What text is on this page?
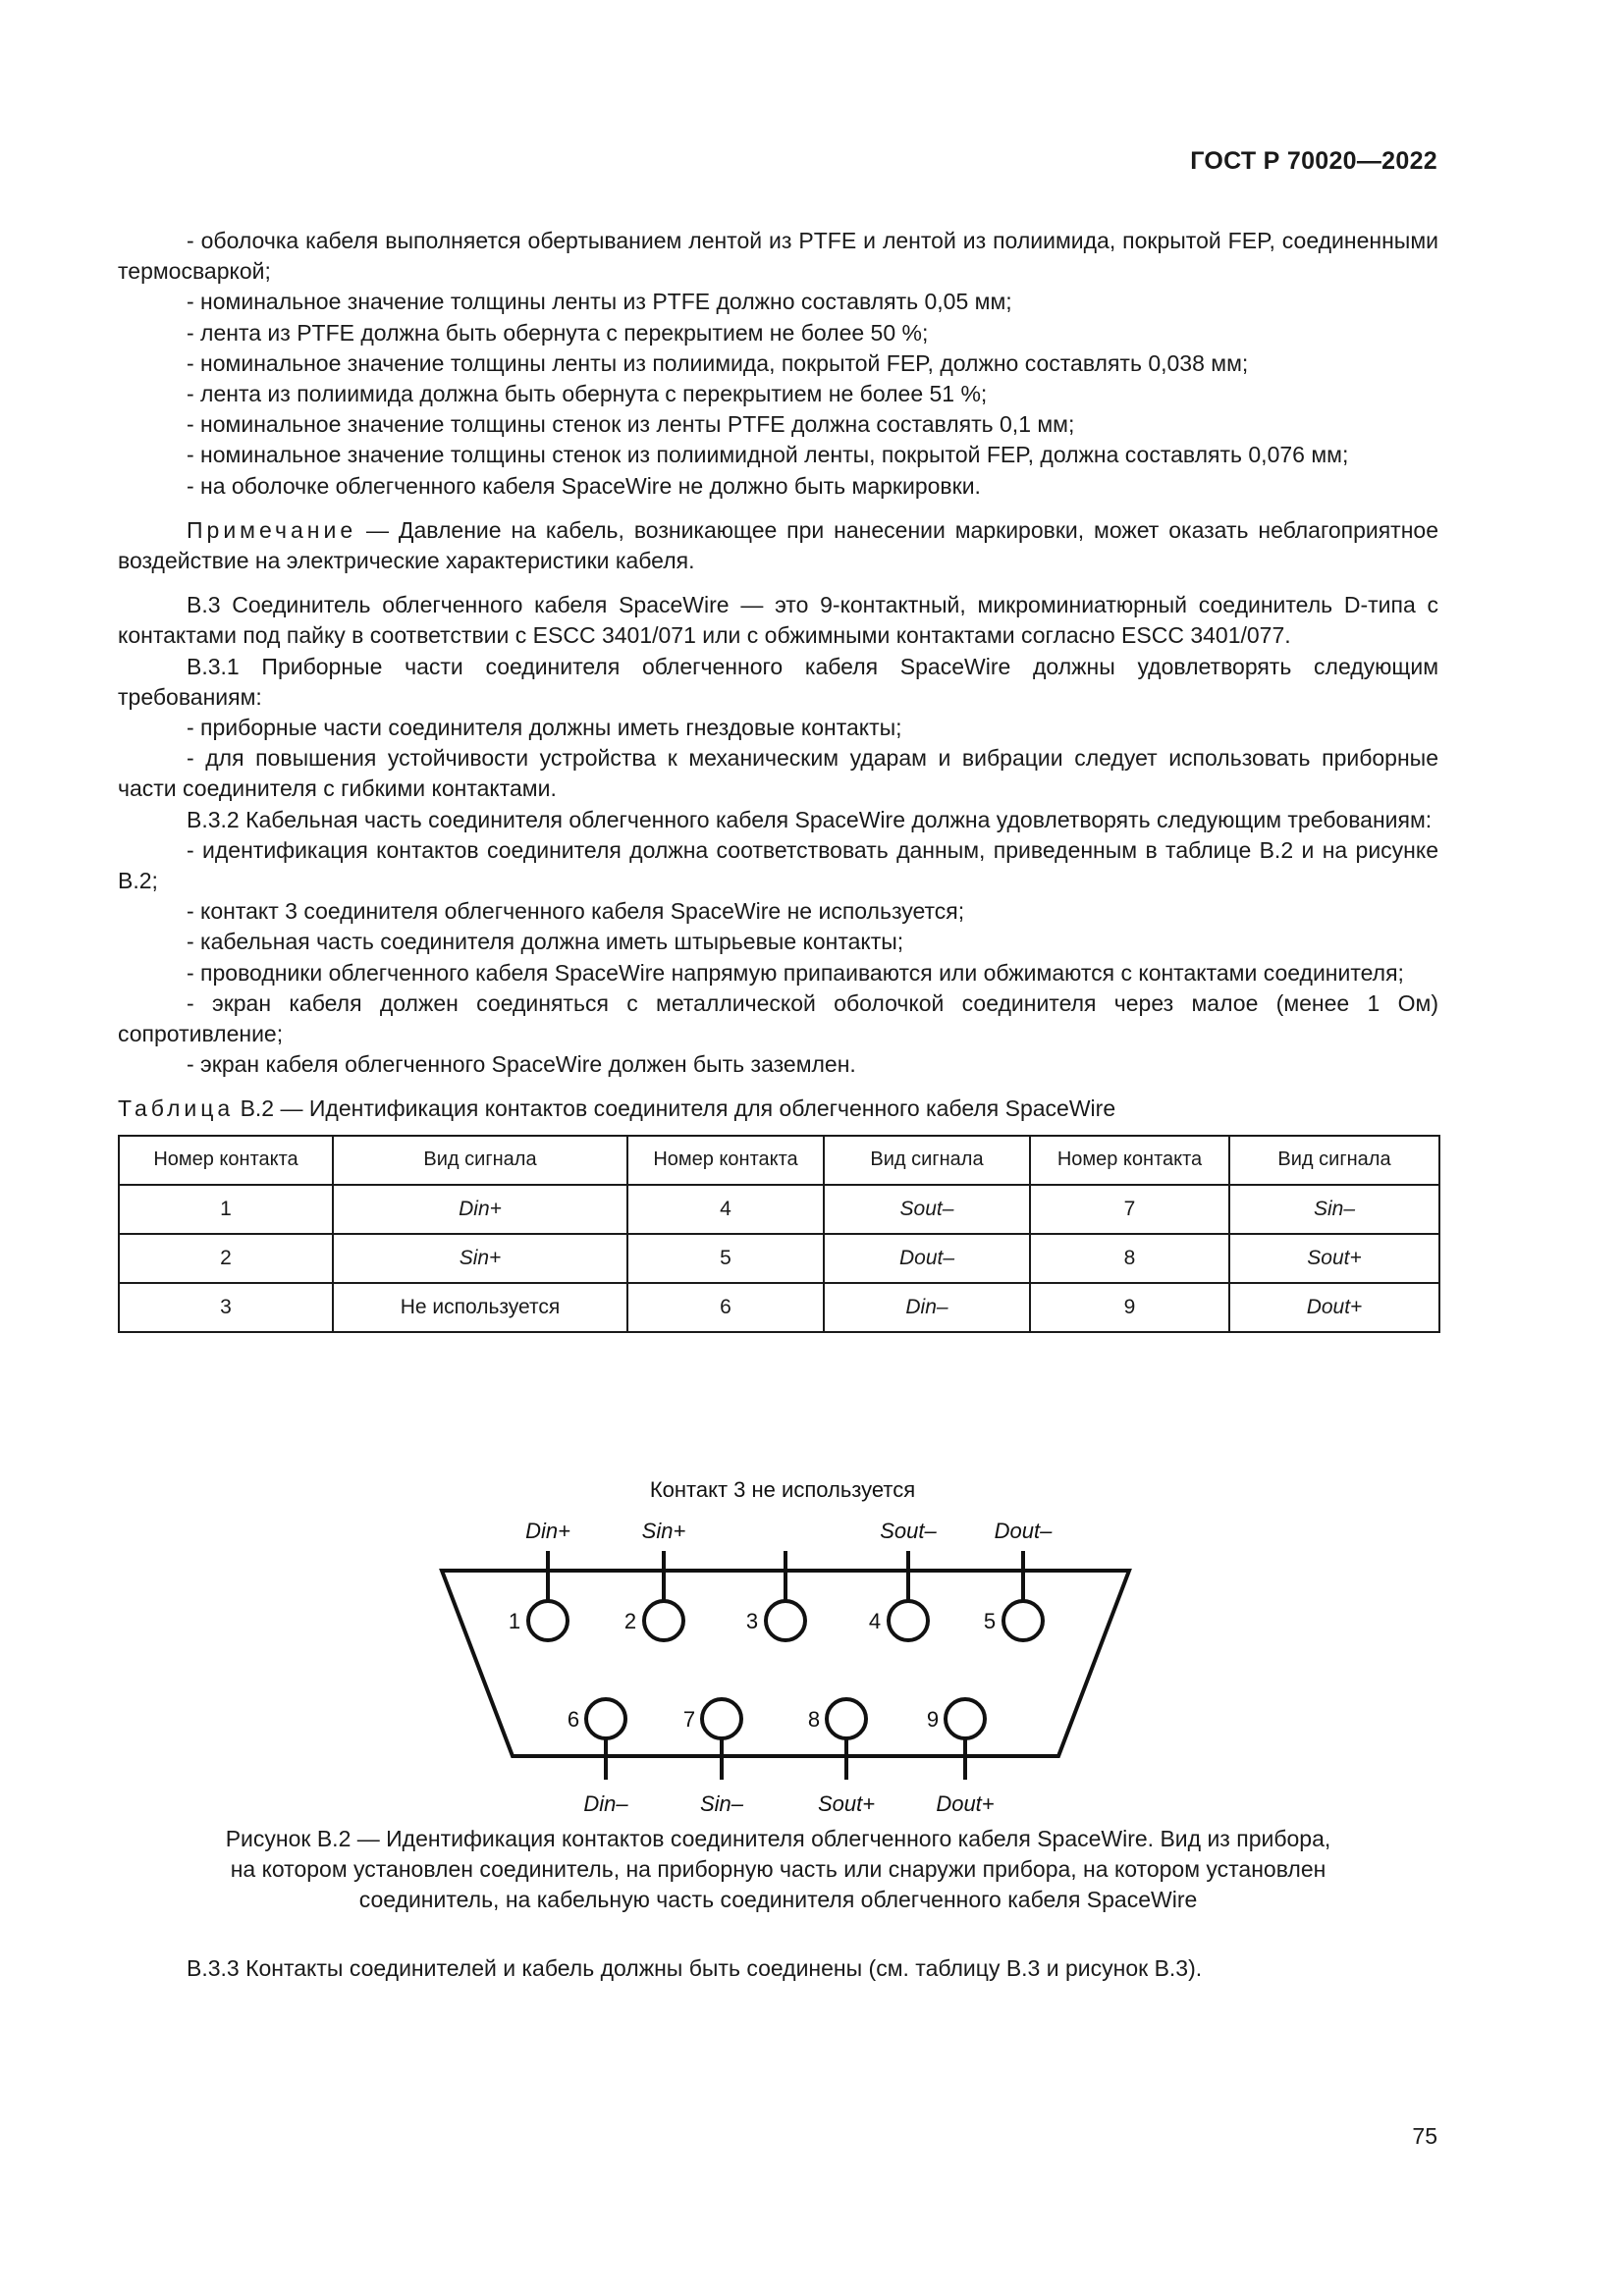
ГОСТ Р 70020—2022

- оболочка кабеля выполняется обертыванием лентой из PTFE и лентой из полиимида, покрытой FEP, соединенными термосваркой;

- номинальное значение толщины ленты из PTFE должно составлять 0,05 мм;

- лента из PTFE должна быть обернута с перекрытием не более 50 %;

- номинальное значение толщины ленты из полиимида, покрытой FEP, должно составлять 0,038 мм;

- лента из полиимида должна быть обернута с перекрытием не более 51 %;

- номинальное значение толщины стенок из ленты PTFE должна составлять 0,1 мм;

- номинальное значение толщины стенок из полиимидной ленты, покрытой FEP, должна составлять 0,076 мм;

- на оболочке облегченного кабеля SpaceWire не должно быть маркировки.

Примечание — Давление на кабель, возникающее при нанесении маркировки, может оказать неблагоприятное воздействие на электрические характеристики кабеля.

В.3 Соединитель облегченного кабеля SpaceWire — это 9-контактный, микроминиатюрный соединитель D-типа с контактами под пайку в соответствии с ESCC 3401/071 или с обжимными контактами согласно ESCC 3401/077.

В.3.1 Приборные части соединителя облегченного кабеля SpaceWire должны удовлетворять следующим требованиям:

- приборные части соединителя должны иметь гнездовые контакты;

- для повышения устойчивости устройства к механическим ударам и вибрации следует использовать приборные части соединителя с гибкими контактами.

В.3.2 Кабельная часть соединителя облегченного кабеля SpaceWire должна удовлетворять следующим требованиям:

- идентификация контактов соединителя должна соответствовать данным, приведенным в таблице В.2 и на рисунке В.2;

- контакт 3 соединителя облегченного кабеля SpaceWire не используется;

- кабельная часть соединителя должна иметь штырьевые контакты;

- проводники облегченного кабеля SpaceWire напрямую припаиваются или обжимаются с контактами соединителя;

- экран кабеля должен соединяться с металлической оболочкой соединителя через малое (менее 1 Ом) сопротивление;

- экран кабеля облегченного SpaceWire должен быть заземлен.

Таблица В.2 — Идентификация контактов соединителя для облегченного кабеля SpaceWire

Номер контакта	Вид сигнала	Номер контакта	Вид сигнала	Номер контакта	Вид сигнала
1	Din+	4	Sout–	7	Sin–
2	Sin+	5	Dout–	8	Sout+
3	Не используется	6	Din–	9	Dout+
Контакт 3 не используется
Din+	Sin+	Sout–	Dout–
1	2	3	4	5
6	7	8	9
Din–	Sin–	Sout+	Dout+

Рисунок В.2 — Идентификация контактов соединителя облегченного кабеля SpaceWire. Вид из прибора,

на котором установлен соединитель, на приборную часть или снаружи прибора, на котором установлен

соединитель, на кабельную часть соединителя облегченного кабеля SpaceWire

В.3.3 Контакты соединителей и кабель должны быть соединены (см. таблицу В.3 и рисунок В.3).

75
